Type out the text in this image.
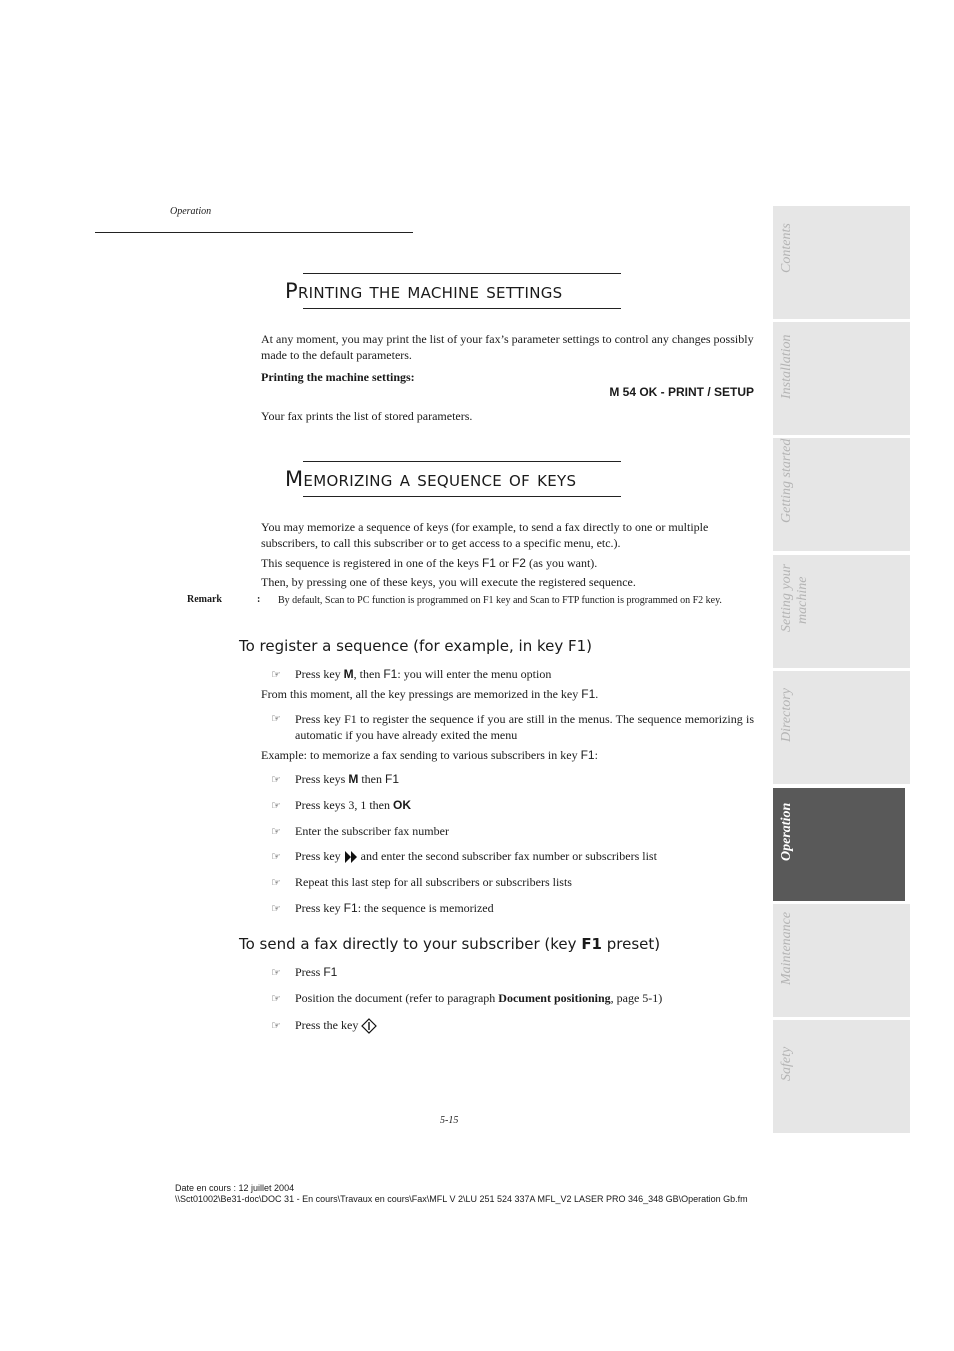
Operation
Printing the machine settings
At any moment, you may print the list of your fax’s parameter settings to control any changes possibly made to the default parameters.
Printing the machine settings:
M 54 OK - PRINT / SETUP
Your fax prints the list of stored parameters.
Memorizing a sequence of keys
You may memorize a sequence of keys (for example, to send a fax directly to one or multiple subscribers, to call this subscriber or to get access to a specific menu, etc.).
This sequence is registered in one of the keys F1 or F2 (as you want).
Then, by pressing one of these keys, you will execute the registered sequence.
Remark	: By default, Scan to PC function is programmed on F1 key and Scan to FTP function is programmed on F2 key.
To register a sequence (for example, in key F1)
☞ Press key M, then F1: you will enter the menu option
From this moment, all the key pressings are memorized in the key F1.
☞	Press key F1 to register the sequence if you are still in the menus. The sequence memorizing is automatic if you have already exited the menu
Example: to memorize a fax sending to various subscribers in key F1:
☞ Press keys M then F1
☞ Press keys 3, 1 then OK
☞ Enter the subscriber fax number
☞ Press key  and enter the second subscriber fax number or subscribers list
☞ Repeat this last step for all subscribers or subscribers lists
☞ Press key F1: the sequence is memorized
To send a fax directly to your subscriber (key F1 preset)
☞ Press F1
☞ Position the document (refer to paragraph Document positioning, page 5-1)
☞ Press the key
Contents
Installation
Getting started
Setting your machine
Directory
Operation
Maintenance
Safety
5-15
Date en cours : 12 juillet 2004
\\Sct01002\Be31-doc\DOC 31 - En cours\Travaux en cours\Fax\MFL V 2\LU 251 524 337A MFL_V2 LASER PRO 346_348 GB\Operation Gb.fm
